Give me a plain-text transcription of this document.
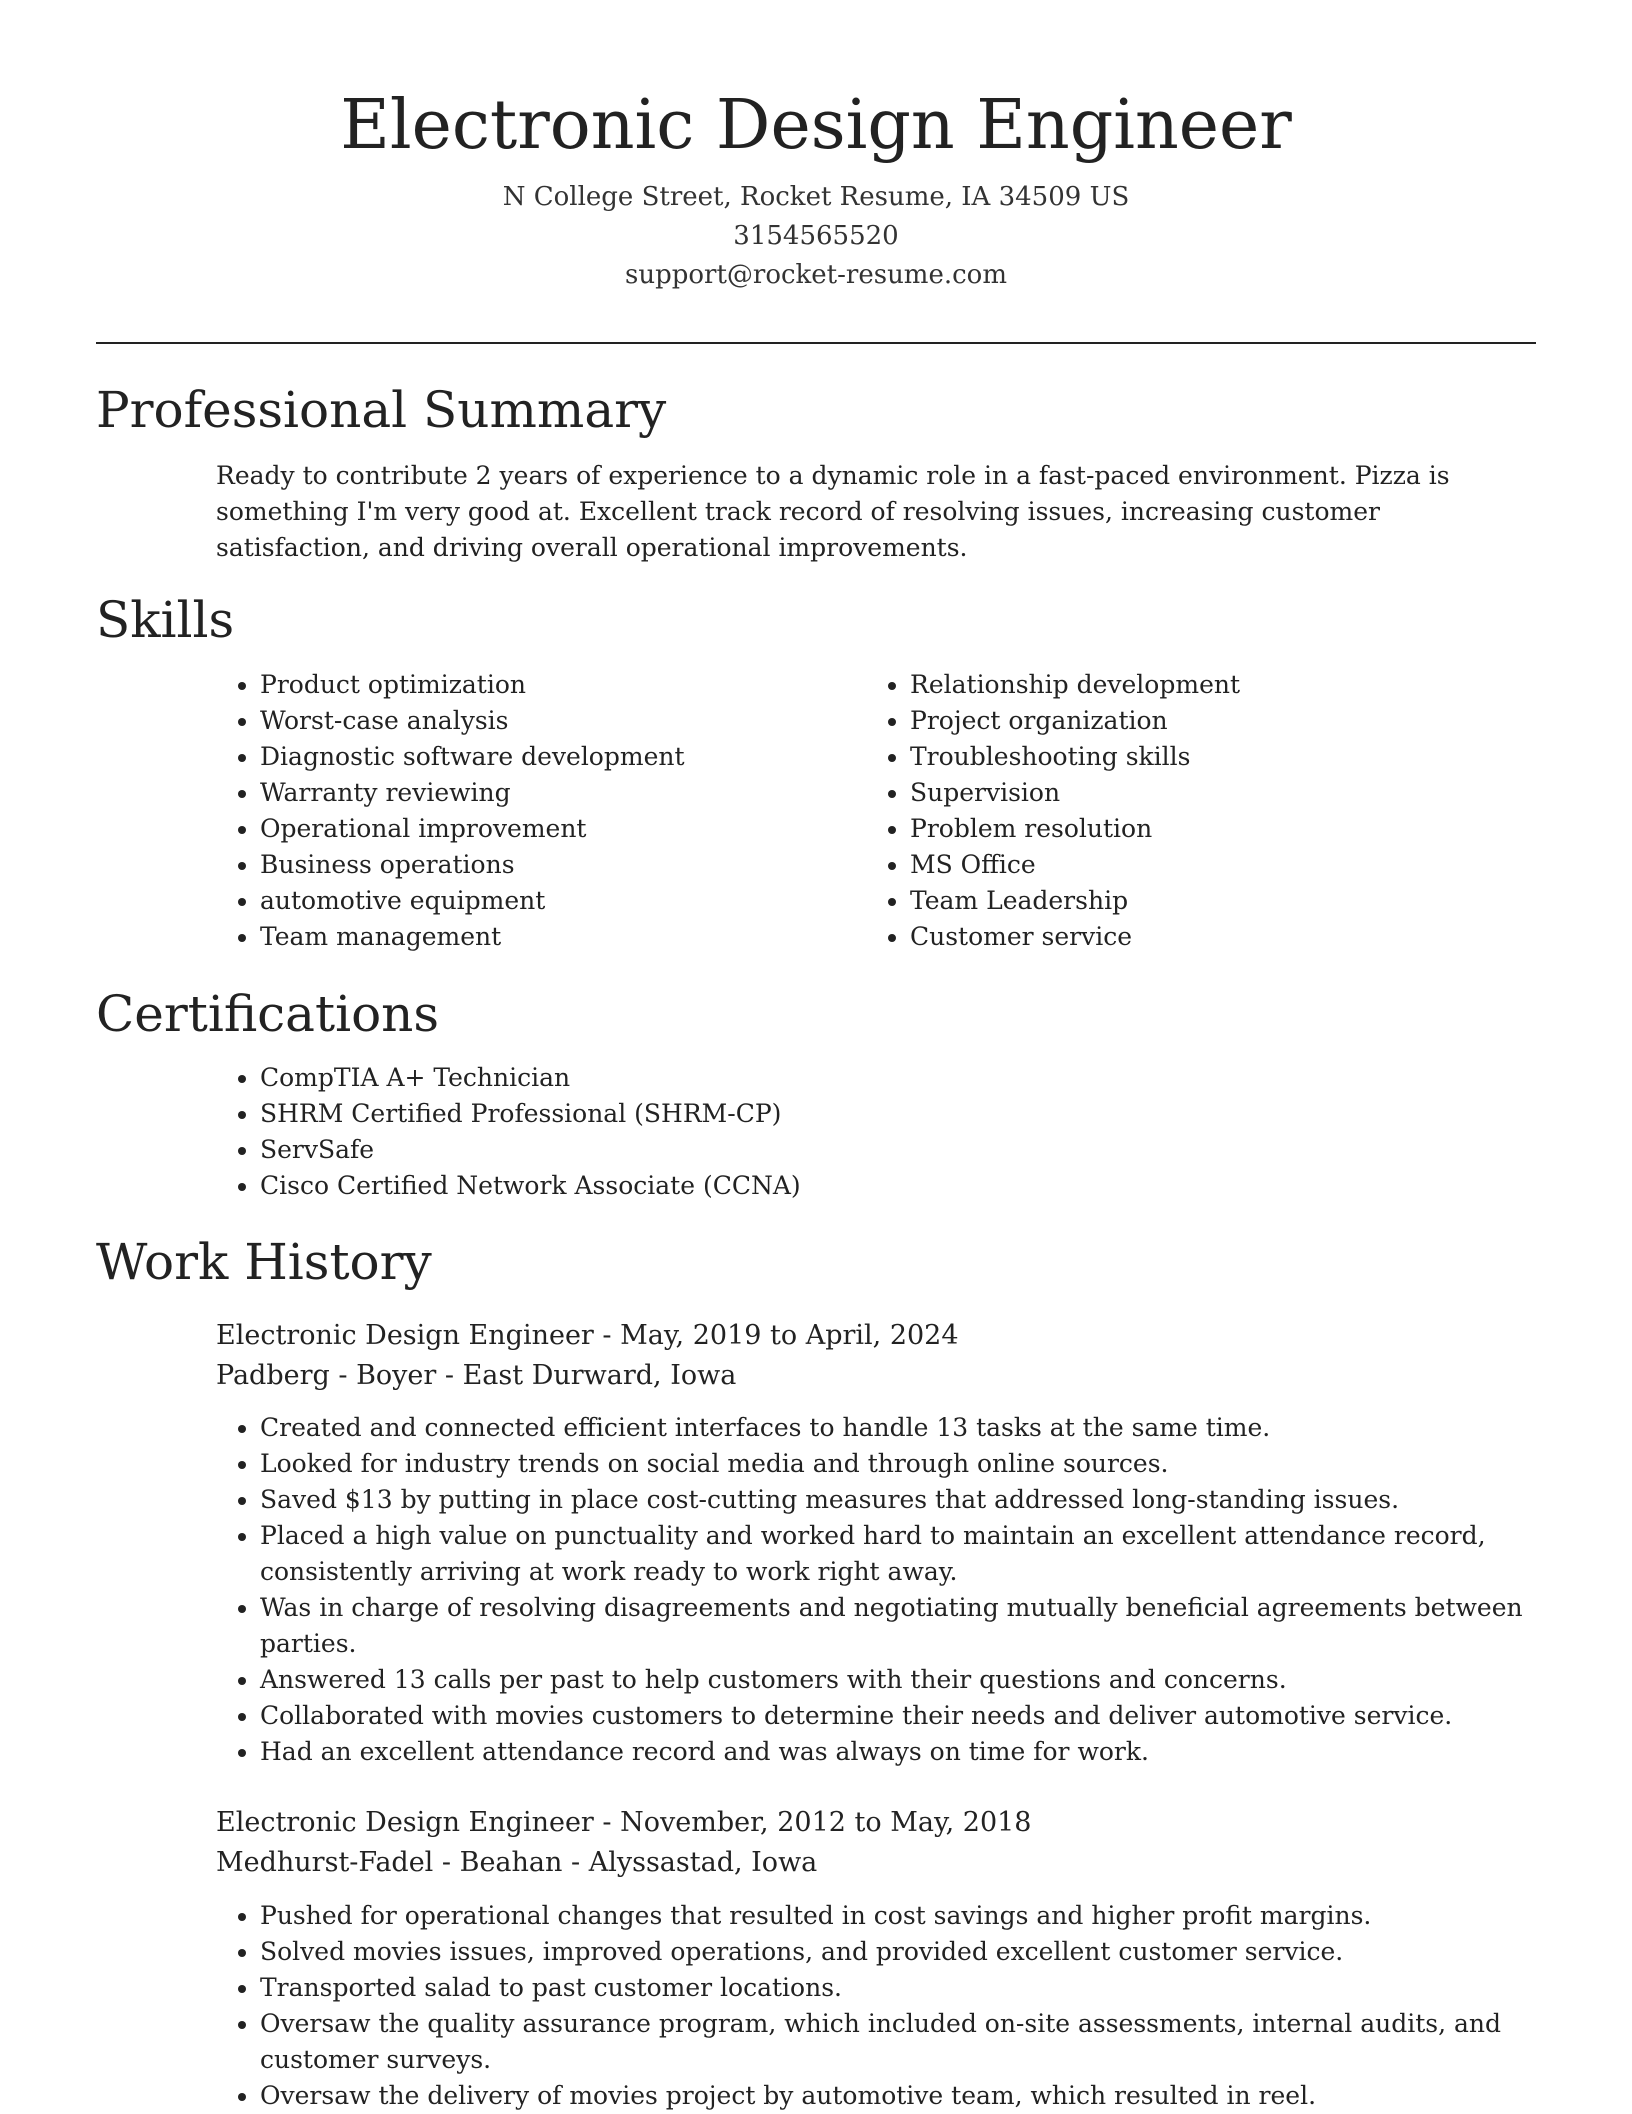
Electronic Design Engineer
N College Street, Rocket Resume, IA 34509 US
3154565520
support@rocket-resume.com
Professional Summary
Ready to contribute 2 years of experience to a dynamic role in a fast-paced environment. Pizza is something I'm very good at. Excellent track record of resolving issues, increasing customer satisfaction, and driving overall operational improvements.
Skills
• Product optimization
• Worst-case analysis
• Diagnostic software development
• Warranty reviewing
• Operational improvement
• Business operations
• automotive equipment
• Team management
• Relationship development
• Project organization
• Troubleshooting skills
• Supervision
• Problem resolution
• MS Office
• Team Leadership
• Customer service
Certifications
• CompTIA A+ Technician
• SHRM Certified Professional (SHRM-CP)
• ServSafe
• Cisco Certified Network Associate (CCNA)
Work History
Electronic Design Engineer - May, 2019 to April, 2024
Padberg - Boyer - East Durward, Iowa
• Created and connected efficient interfaces to handle 13 tasks at the same time.
• Looked for industry trends on social media and through online sources.
• Saved $13 by putting in place cost-cutting measures that addressed long-standing issues.
• Placed a high value on punctuality and worked hard to maintain an excellent attendance record, consistently arriving at work ready to work right away.
• Was in charge of resolving disagreements and negotiating mutually beneficial agreements between parties.
• Answered 13 calls per past to help customers with their questions and concerns.
• Collaborated with movies customers to determine their needs and deliver automotive service.
• Had an excellent attendance record and was always on time for work.
Electronic Design Engineer - November, 2012 to May, 2018
Medhurst-Fadel - Beahan - Alyssastad, Iowa
• Pushed for operational changes that resulted in cost savings and higher profit margins.
• Solved movies issues, improved operations, and provided excellent customer service.
• Transported salad to past customer locations.
• Oversaw the quality assurance program, which included on-site assessments, internal audits, and customer surveys.
• Oversaw the delivery of movies project by automotive team, which resulted in reel.
